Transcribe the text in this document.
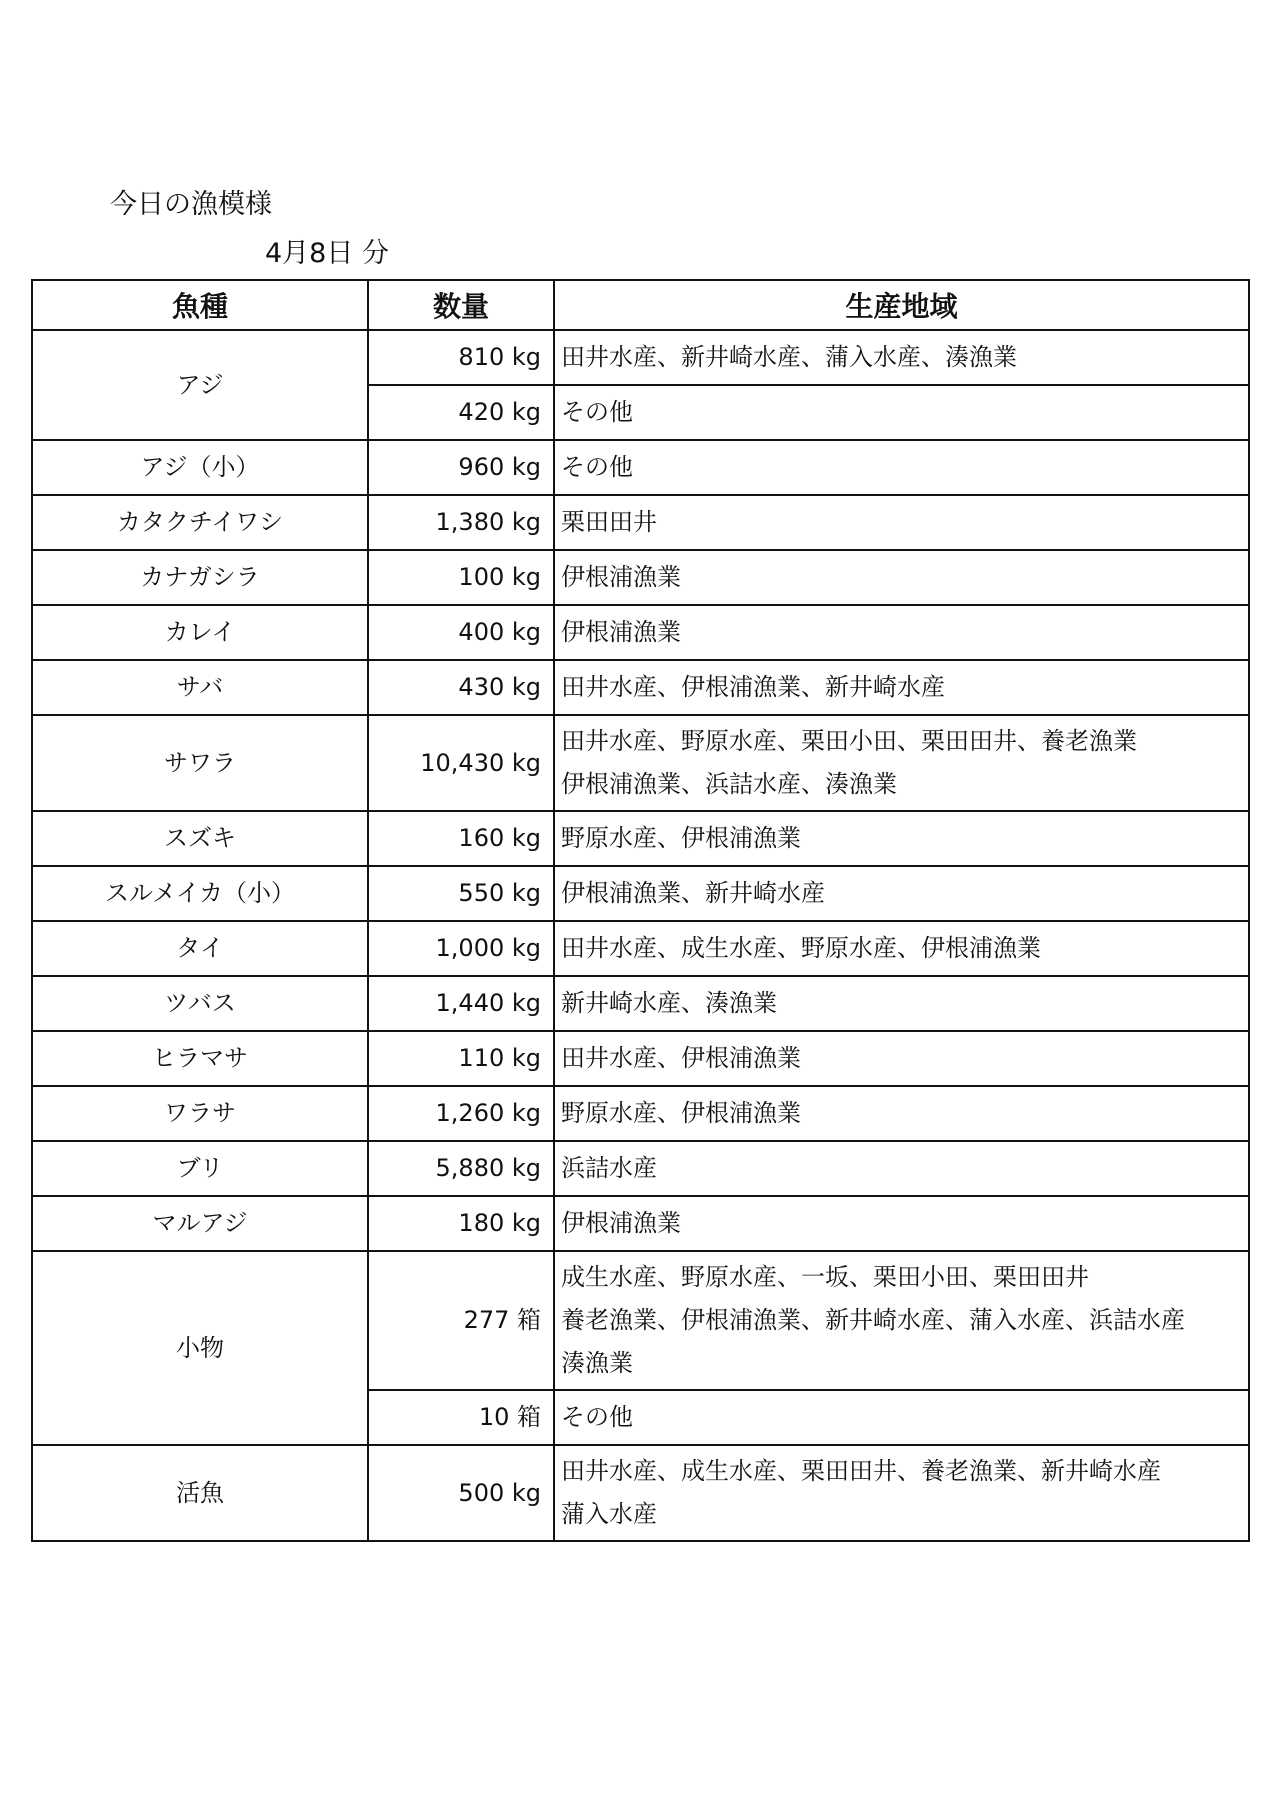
今日の漁模様
4月8日 分
魚種	数量	生産地域
アジ	810 kg	田井水産、新井崎水産、蒲入水産、湊漁業

	420 kg	その他

アジ（小）	960 kg	その他

カタクチイワシ	1,380 kg	栗田田井

カナガシラ	100 kg	伊根浦漁業

カレイ	400 kg	伊根浦漁業

サバ	430 kg	田井水産、伊根浦漁業、新井崎水産

サワラ	10,430 kg	田井水産、野原水産、栗田小田、栗田田井、養老漁業
伊根浦漁業、浜詰水産、湊漁業

スズキ	160 kg	野原水産、伊根浦漁業

スルメイカ（小）	550 kg	伊根浦漁業、新井崎水産

タイ	1,000 kg	田井水産、成生水産、野原水産、伊根浦漁業

ツバス	1,440 kg	新井崎水産、湊漁業

ヒラマサ	110 kg	田井水産、伊根浦漁業

ワラサ	1,260 kg	野原水産、伊根浦漁業

ブリ	5,880 kg	浜詰水産

マルアジ	180 kg	伊根浦漁業

小物	277 箱	成生水産、野原水産、一坂、栗田小田、栗田田井
養老漁業、伊根浦漁業、新井崎水産、蒲入水産、浜詰水産
湊漁業

	10 箱	その他

活魚	500 kg	田井水産、成生水産、栗田田井、養老漁業、新井崎水産
蒲入水産
